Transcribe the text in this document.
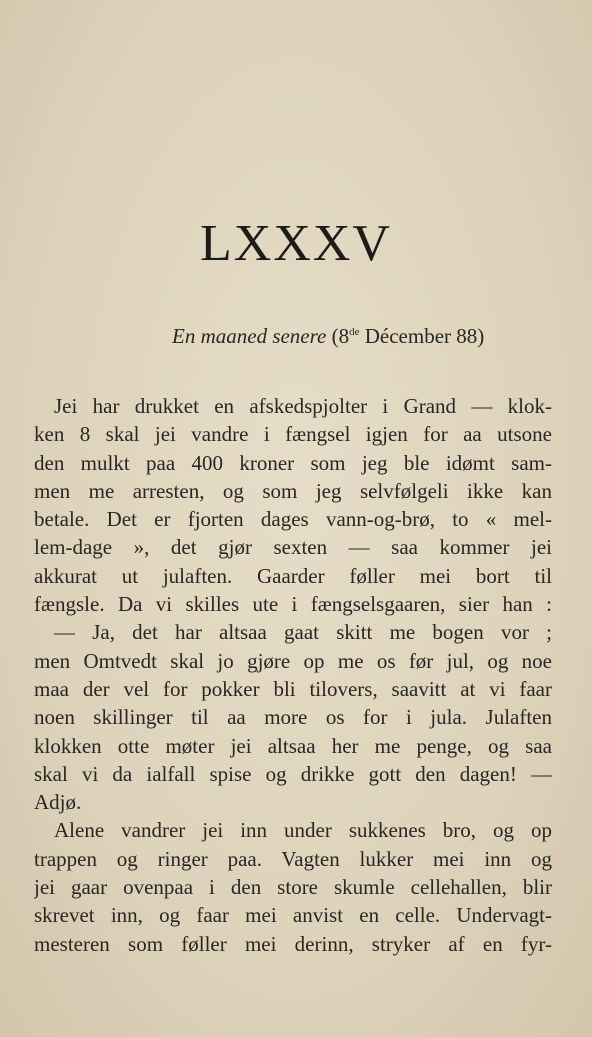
LXXXV
En maaned senere (8de Décember 88)
Jei har drukket en afskedspjolter i Grand — klok-
ken 8 skal jei vandre i fængsel igjen for aa utsone
den mulkt paa 400 kroner som jeg ble idømt sam-
men me arresten, og som jeg selvfølgeli ikke kan
betale. Det er fjorten dages vann-og-brø, to « mel-
lem-dage », det gjør sexten — saa kommer jei
akkurat ut julaften. Gaarder føller mei bort til
fængsle. Da vi skilles ute i fængselsgaaren, sier han :
— Ja, det har altsaa gaat skitt me bogen vor ;
men Omtvedt skal jo gjøre op me os før jul, og noe
maa der vel for pokker bli tilovers, saavitt at vi faar
noen skillinger til aa more os for i jula. Julaften
klokken otte møter jei altsaa her me penge, og saa
skal vi da ialfall spise og drikke gott den dagen! —
Adjø.
Alene vandrer jei inn under sukkenes bro, og op
trappen og ringer paa. Vagten lukker mei inn og
jei gaar ovenpaa i den store skumle cellehallen, blir
skrevet inn, og faar mei anvist en celle. Undervagt-
mesteren som føller mei derinn, stryker af en fyr-
